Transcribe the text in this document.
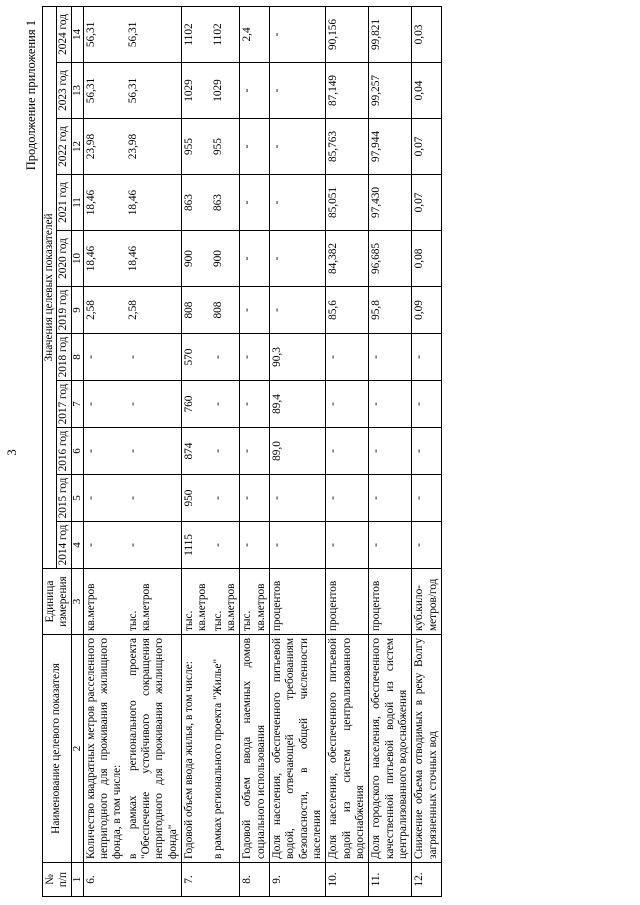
3
Продолжение приложения 1
№
п/п	Наименование целевого показателя	Единица измерения	Значения целевых показателей										
			2014 год	2015 год	2016 год	2017 год	2018 год	2019 год	2020 год	2021 год	2022 год	2023 год	2024 год
1	2	3	4	5	6	7	8	9	10	11	12	13	14
6.	Количество квадратных метров расселенного непригодного для проживания жилищного фонда, в том числе:	кв.метров	-	-	-	-	-	2,58	18,46	18,46	23,98	56,31	56,31
	в рамках регионального проекта "Обеспечение устойчивого сокращения непригодного для проживания жилищного фонда"	тыс. кв.метров	-	-	-	-	-	2,58	18,46	18,46	23,98	56,31	56,31
7.	Годовой объем ввода жилья, в том числе:	тыс. кв.метров	1115	950	874	760	570	808	900	863	955	1029	1102
	в рамках регионального проекта "Жилье"	тыс. кв.метров	-	-	-	-	-	808	900	863	955	1029	1102
8.	Годовой объем ввода наемных домов социального использования	тыс. кв.метров	-	-	-	-	-	-	-	-	-	-	2,4
9.	Доля населения, обеспеченного питьевой водой, отвечающей требованиям безопасности, в общей численности населения	процентов	-	-	89,0	89,4	90,3	-	-	-	-	-	-
10.	Доля населения, обеспеченного питьевой водой из систем централизованного водоснабжения	процентов	-	-	-	-	-	85,6	84,382	85,051	85,763	87,149	90,156
11.	Доля городского населения, обеспеченного качественной питьевой водой из систем централизованного водоснабжения	процентов	-	-	-	-	-	95,8	96,685	97,430	97,944	99,257	99,821
12.	Снижение объема отводимых в реку Волгу загрязненных сточных вод	куб.кило-метров/год	-	-	-	-	-	0,09	0,08	0,07	0,07	0,04	0,03
